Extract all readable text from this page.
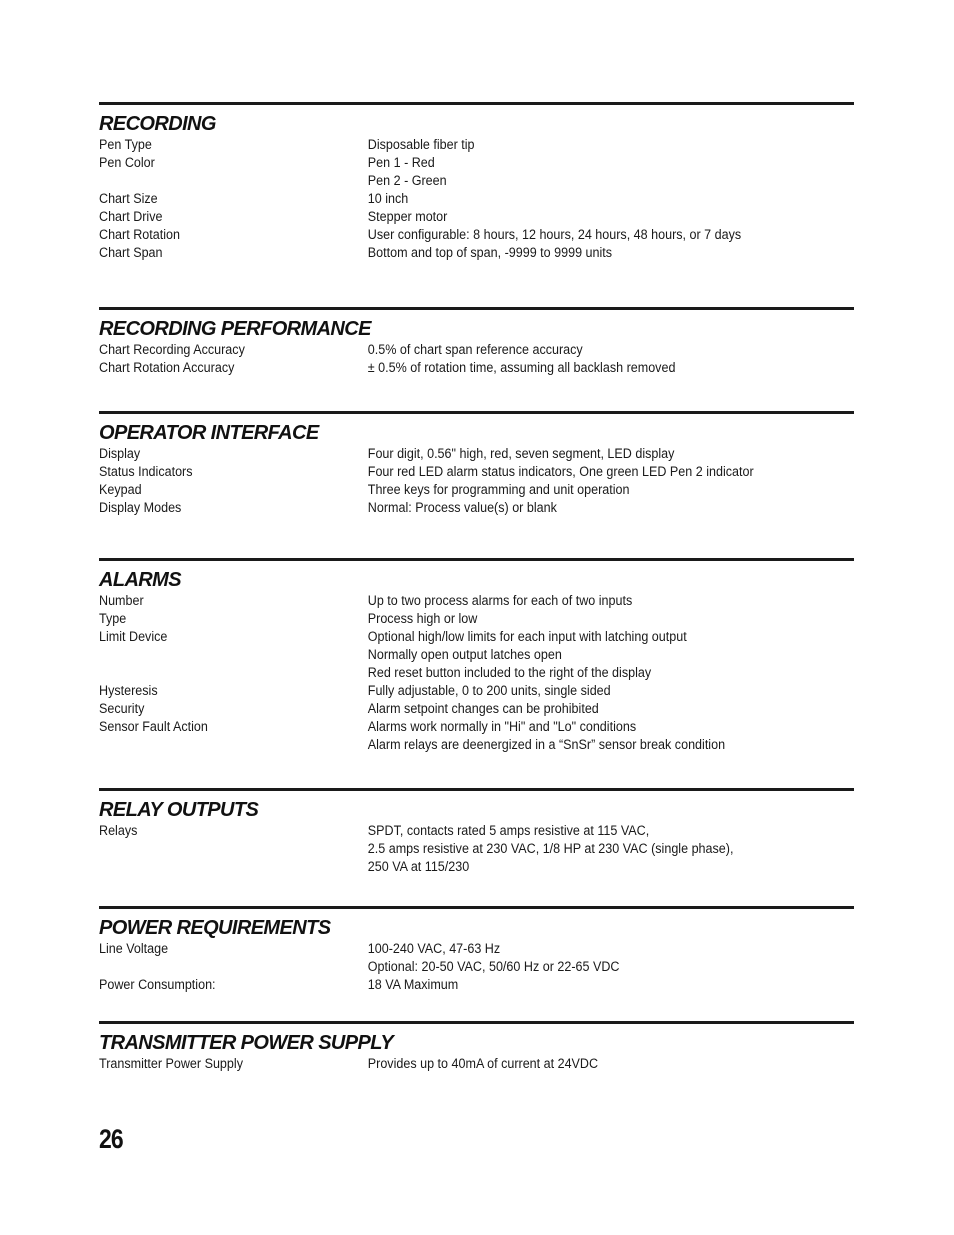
RECORDING
Pen Type	Disposable fiber tip
Pen Color	Pen 1 - Red
Pen 2 - Green
Chart Size	10 inch
Chart Drive	Stepper motor
Chart Rotation	User configurable: 8 hours, 12 hours, 24 hours, 48 hours, or 7 days
Chart Span	Bottom and top of span, -9999 to 9999 units
RECORDING PERFORMANCE
Chart Recording Accuracy	0.5% of chart span reference accuracy
Chart Rotation Accuracy	± 0.5% of rotation time, assuming all backlash removed
OPERATOR INTERFACE
Display	Four digit, 0.56" high, red, seven segment, LED display
Status Indicators	Four red LED alarm status indicators, One green LED Pen 2 indicator
Keypad	Three keys for programming and unit operation
Display Modes	Normal: Process value(s) or blank
ALARMS
Number	Up to two process alarms for each of two inputs
Type	Process high or low
Limit Device	Optional high/low limits for each input with latching output
Normally open output latches open
Red reset button included to the right of the display
Hysteresis	Fully adjustable, 0 to 200 units, single sided
Security	Alarm setpoint changes can be prohibited
Sensor Fault Action	Alarms work normally in "Hi" and "Lo" conditions
Alarm relays are deenergized in a “SnSr” sensor break condition
RELAY OUTPUTS
Relays	SPDT, contacts rated 5 amps resistive at 115 VAC,
2.5 amps resistive at 230 VAC, 1/8 HP at 230 VAC (single phase),
250 VA at 115/230
POWER REQUIREMENTS
Line Voltage	100-240 VAC, 47-63 Hz
Optional: 20-50 VAC, 50/60 Hz or 22-65 VDC
Power Consumption:	18 VA Maximum
TRANSMITTER POWER SUPPLY
Transmitter Power Supply	Provides up to 40mA of current at 24VDC
26
